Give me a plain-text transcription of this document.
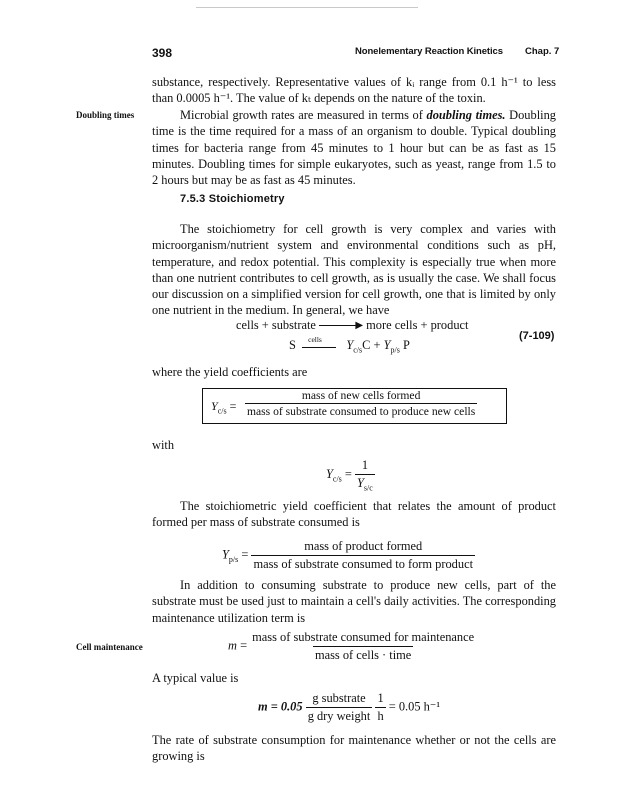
398	Nonelementary Reaction Kinetics Chap. 7

substance, respectively. Representative values of kᵢ range from 0.1 h⁻¹ to less than 0.0005 h⁻¹. The value of kₜ depends on the nature of the toxin.

Doubling times	Microbial growth rates are measured in terms of doubling times. Doubling time is the time required for a mass of an organism to double. Typical doubling times for bacteria range from 45 minutes to 1 hour but can be as fast as 15 minutes. Doubling times for simple eukaryotes, such as yeast, range from 1.5 to 2 hours but may be as fast as 45 minutes.

7.5.3 Stoichiometry

The stoichiometry for cell growth is very complex and varies with microorganism/nutrient system and environmental conditions such as pH, temperature, and redox potential. This complexity is especially true when more than one nutrient contributes to cell growth, as is usually the case. We shall focus our discussion on a simplified version for cell growth, one that is limited by only one nutrient in the medium. In general, we have

cells + substrate	▶ more cells + product
S cells $Y_{c/s}C + Y_{p/s}$ P
(7-109)

where the yield coefficients are

$Y_{c/s}$ =
mass of new cells formed
mass of substrate consumed to produce new cells

with

$Y_{c/s} = \frac{1}{Y_{s/c}}$

The stoichiometric yield coefficient that relates the amount of product formed per mass of substrate consumed is

$Y_{p/s} = \frac{\text{mass of product formed}}{\text{mass of substrate consumed to form product}}$

In addition to consuming substrate to produce new cells, part of the substrate must be used just to maintain a cell's daily activities. The corresponding maintenance utilization term is

Cell maintenance	$m = \frac{\text{mass of substrate consumed for maintenance}}{\text{mass of cells · time}}$

A typical value is

$m = 0.05 \frac{\text{g substrate}}{\text{g dry weight}}$
$\frac{1}{h} = 0.05$ h⁻¹

The rate of substrate consumption for maintenance whether or not the cells are growing is
